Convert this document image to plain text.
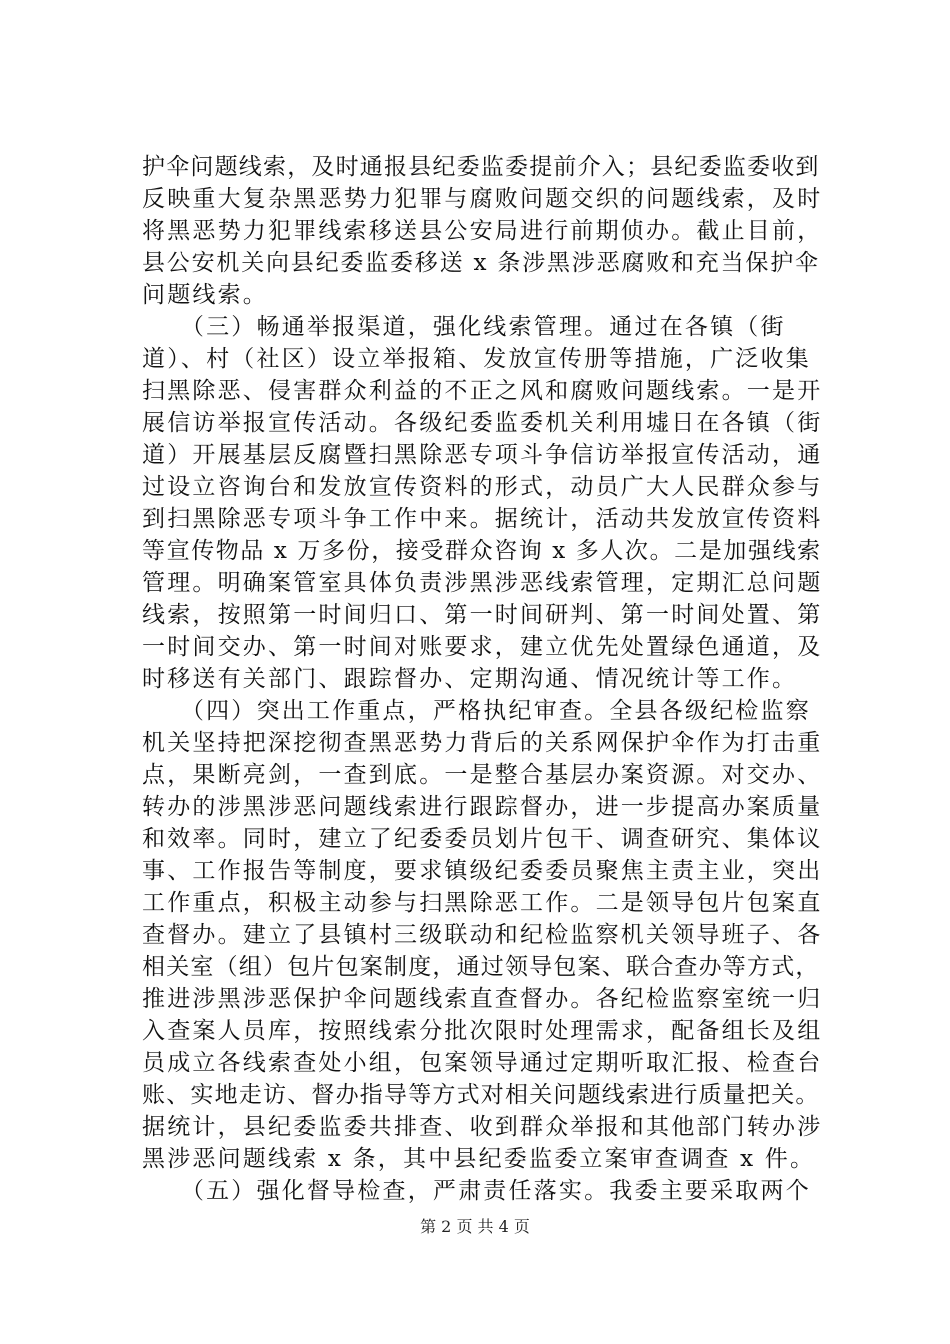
护伞问题线索，及时通报县纪委监委提前介入；县纪委监委收到
反映重大复杂黑恶势力犯罪与腐败问题交织的问题线索，及时
将黑恶势力犯罪线索移送县公安局进行前期侦办。截止目前，
县公安机关向县纪委监委移送 x 条涉黑涉恶腐败和充当保护伞
问题线索。
　　（三）畅通举报渠道，强化线索管理。通过在各镇（街
道）、村（社区）设立举报箱、发放宣传册等措施，广泛收集
扫黑除恶、侵害群众利益的不正之风和腐败问题线索。一是开
展信访举报宣传活动。各级纪委监委机关利用墟日在各镇（街
道）开展基层反腐暨扫黑除恶专项斗争信访举报宣传活动，通
过设立咨询台和发放宣传资料的形式，动员广大人民群众参与
到扫黑除恶专项斗争工作中来。据统计，活动共发放宣传资料
等宣传物品 x 万多份，接受群众咨询 x 多人次。二是加强线索
管理。明确案管室具体负责涉黑涉恶线索管理，定期汇总问题
线索，按照第一时间归口、第一时间研判、第一时间处置、第
一时间交办、第一时间对账要求，建立优先处置绿色通道，及
时移送有关部门、跟踪督办、定期沟通、情况统计等工作。
　　（四）突出工作重点，严格执纪审查。全县各级纪检监察
机关坚持把深挖彻查黑恶势力背后的关系网保护伞作为打击重
点，果断亮剑，一查到底。一是整合基层办案资源。对交办、
转办的涉黑涉恶问题线索进行跟踪督办，进一步提高办案质量
和效率。同时，建立了纪委委员划片包干、调查研究、集体议
事、工作报告等制度，要求镇级纪委委员聚焦主责主业，突出
工作重点，积极主动参与扫黑除恶工作。二是领导包片包案直
查督办。建立了县镇村三级联动和纪检监察机关领导班子、各
相关室（组）包片包案制度，通过领导包案、联合查办等方式，
推进涉黑涉恶保护伞问题线索直查督办。各纪检监察室统一归
入查案人员库，按照线索分批次限时处理需求，配备组长及组
员成立各线索查处小组，包案领导通过定期听取汇报、检查台
账、实地走访、督办指导等方式对相关问题线索进行质量把关。
据统计，县纪委监委共排查、收到群众举报和其他部门转办涉
黑涉恶问题线索 x 条，其中县纪委监委立案审查调查 x 件。
　　（五）强化督导检查，严肃责任落实。我委主要采取两个
第 2 页 共 4 页
